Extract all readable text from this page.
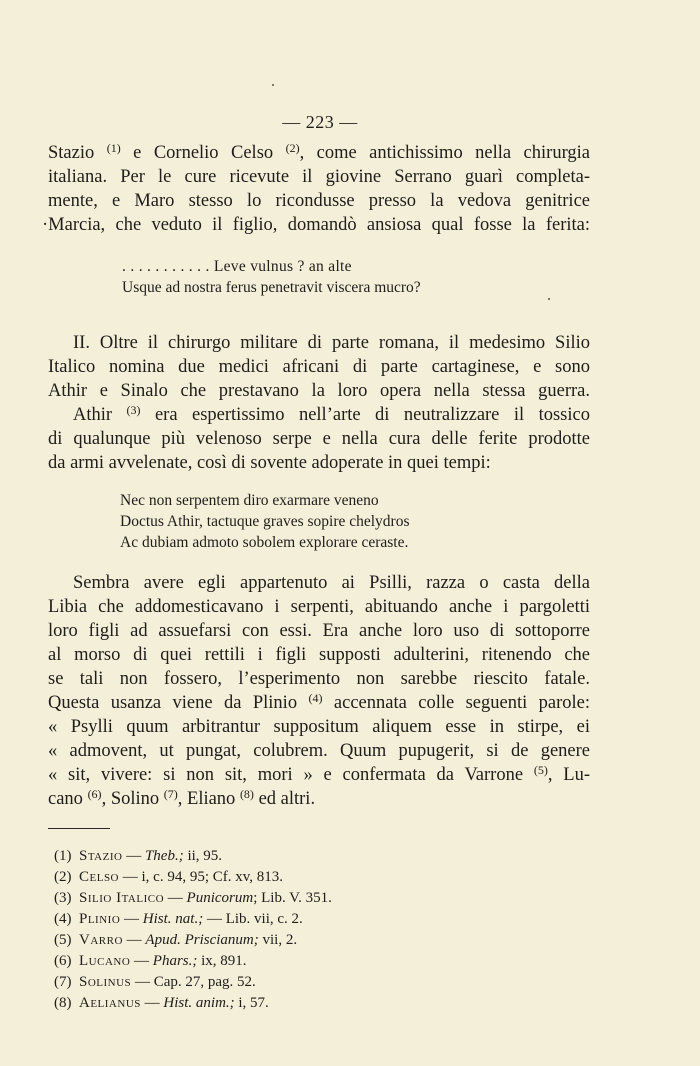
— 223 —
Stazio $^{(1)}$ e Cornelio Celso $^{(2)}$, come antichissimo nella chirurgia
italiana. Per le cure ricevute il giovine Serrano guarì completa-
mente, e Maro stesso lo ricondusse presso la vedova genitrice
·Marcia, che veduto il figlio, domandò ansiosa qual fosse la ferita:
. . . . . . . . . . . Leve vulnus ? an alte
Usque ad nostra ferus penetravit viscera mucro?
II. Oltre il chirurgo militare di parte romana, il medesimo Silio
Italico nomina due medici africani di parte cartaginese, e sono
Athir e Sinalo che prestavano la loro opera nella stessa guerra.
Athir $^{(3)}$ era espertissimo nell’arte di neutralizzare il tossico
di qualunque più velenoso serpe e nella cura delle ferite prodotte
da armi avvelenate, così di sovente adoperate in quei tempi:
Nec non serpentem diro exarmare veneno
Doctus Athir, tactuque graves sopire chelydros
Ac dubiam admoto sobolem explorare ceraste.
Sembra avere egli appartenuto ai Psilli, razza o casta della
Libia che addomesticavano i serpenti, abituando anche i pargoletti
loro figli ad assuefarsi con essi. Era anche loro uso di sottoporre
al morso di quei rettili i figli supposti adulterini, ritenendo che
se tali non fossero, l’esperimento non sarebbe riescito fatale.
Questa usanza viene da Plinio $^{(4)}$ accennata colle seguenti parole:
« Psylli quum arbitrantur suppositum aliquem esse in stirpe, ei
« admovent, ut pungat, colubrem. Quum pupugerit, si de genere
« sit, vivere: si non sit, mori » e confermata da Varrone $^{(5)}$, Lu-
cano $^{(6)}$, Solino $^{(7)}$, Eliano $^{(8)}$ ed altri.
(1) Stazio — Theb.; ii, 95.
(2) Celso — i, c. 94, 95; Cf. xv, 813.
(3) Silio Italico — Punicorum; Lib. V. 351.
(4) Plinio — Hist. nat.; — Lib. vii, c. 2.
(5) Varro — Apud. Priscianum; vii, 2.
(6) Lucano — Phars.; ix, 891.
(7) Solinus — Cap. 27, pag. 52.
(8) Aelianus — Hist. anim.; i, 57.
